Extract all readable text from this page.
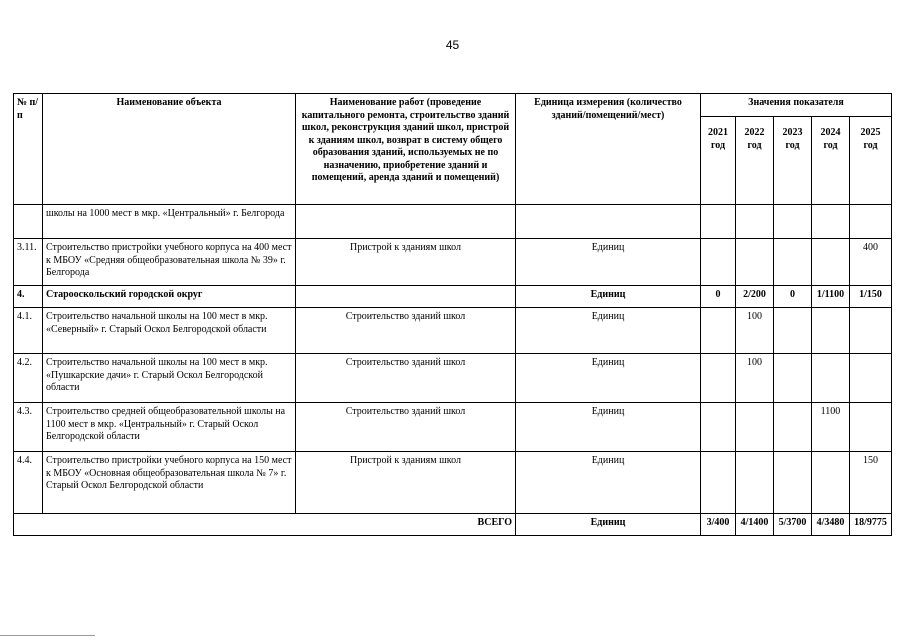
45
№ п/п	Наименование объекта	Наименование работ (проведение капитального ремонта, строительство зданий школ, реконструкция зданий школ, пристрой к зданиям школ, возврат в систему общего образования зданий, используемых не по назначению, приобретение зданий и помещений, аренда зданий и помещений)	Единица измерения (количество зданий/помещений/мест)	Значения показателя				
				2021 год	2022 год	2023 год	2024 год	2025 год
	школы на 1000 мест в мкр. «Центральный» г. Белгорода							
3.11.	Строительство пристройки учебного корпуса на 400 мест к МБОУ «Средняя общеобразовательная школа № 39» г. Белгорода	Пристрой к зданиям школ	Единиц					400
4.	Старооскольский городской округ		Единиц	0	2/200	0	1/1100	1/150
4.1.	Строительство начальной школы на 100 мест в мкр. «Северный» г. Старый Оскол Белгородской области	Строительство зданий школ	Единиц		100			
4.2.	Строительство начальной школы на 100 мест в мкр. «Пушкарские дачи» г. Старый Оскол Белгородской области	Строительство зданий школ	Единиц		100			
4.3.	Строительство средней общеобразовательной школы на 1100 мест в мкр. «Центральный» г. Старый Оскол Белгородской области	Строительство зданий школ	Единиц				1100	
4.4.	Строительство пристройки учебного корпуса на 150 мест к МБОУ «Основная общеобразовательная школа № 7» г. Старый Оскол Белгородской области	Пристрой к зданиям школ	Единиц					150
ВСЕГО			Единиц	3/400	4/1400	5/3700	4/3480	18/9775
